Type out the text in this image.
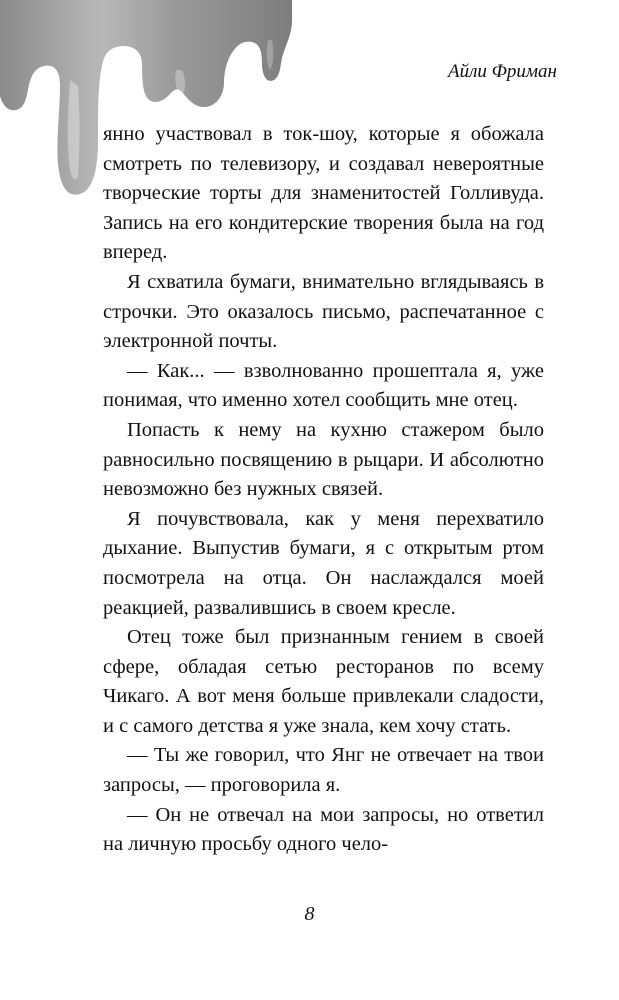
Айли Фриман

янно участвовал в ток-шоу, которые я обожала смотреть по телевизору, и создавал невероятные творческие торты для знаменитостей Голливуда. Запись на его кондитерские творения была на год вперед.

Я схватила бумаги, внимательно вглядываясь в строчки. Это оказалось письмо, распечатанное с электронной почты.

— Как... — взволнованно прошептала я, уже понимая, что именно хотел сообщить мне отец.

Попасть к нему на кухню стажером было равносильно посвящению в рыцари. И абсолютно невозможно без нужных связей.

Я почувствовала, как у меня перехватило дыхание. Выпустив бумаги, я с открытым ртом посмотрела на отца. Он наслаждался моей реакцией, развалившись в своем кресле.

Отец тоже был признанным гением в своей сфере, обладая сетью ресторанов по всему Чикаго. А вот меня больше привлекали сладости, и с самого детства я уже знала, кем хочу стать.

— Ты же говорил, что Янг не отвечает на твои запросы, — проговорила я.

— Он не отвечал на мои запросы, но ответил на личную просьбу одного чело-

8
